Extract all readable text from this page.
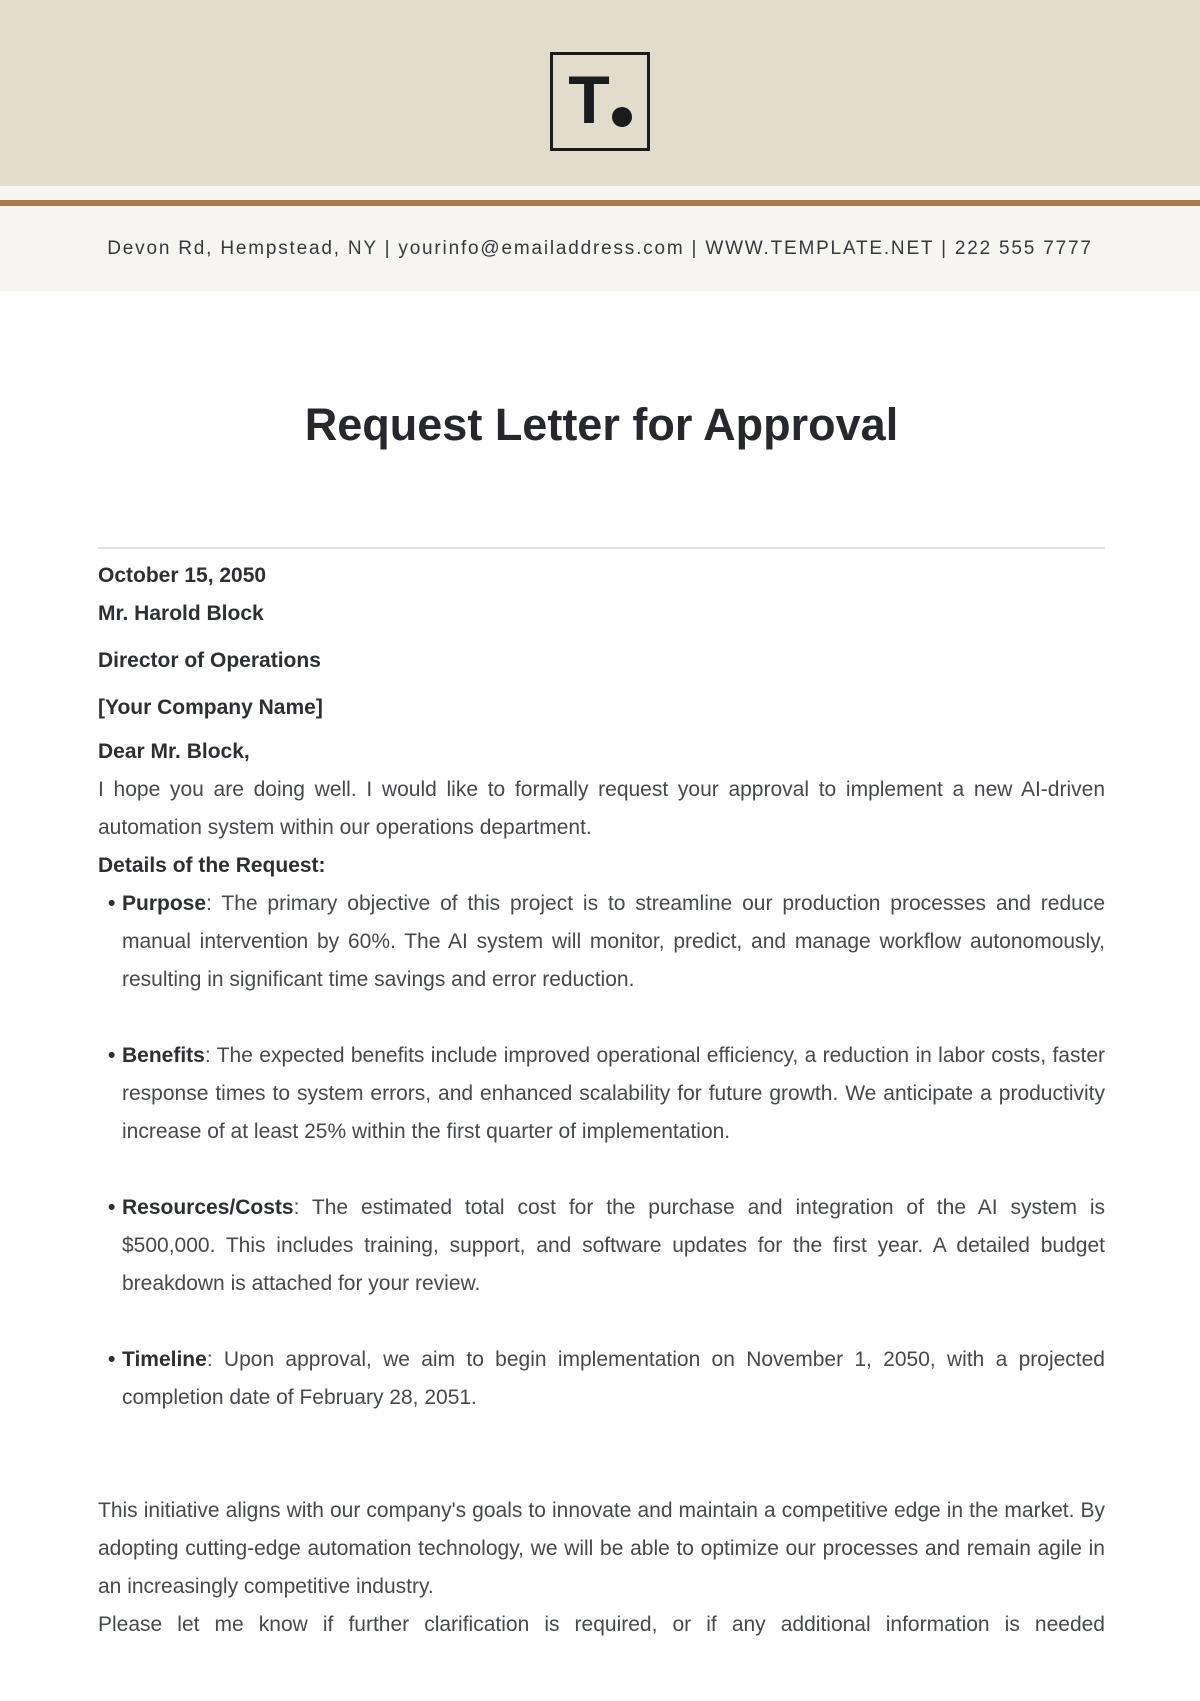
T
Devon Rd, Hempstead, NY | yourinfo@emailaddress.com | WWW.TEMPLATE.NET | 222 555 7777
Request Letter for Approval

October 15, 2050

Mr. Harold Block

Director of Operations

[Your Company Name]

Dear Mr. Block,

I hope you are doing well. I would like to formally request your approval to implement a new AI-driven automation system within our operations department.

Details of the Request:

• Purpose: The primary objective of this project is to streamline our production processes and reduce manual intervention by 60%. The AI system will monitor, predict, and manage workflow autonomously, resulting in significant time savings and error reduction.
• Benefits: The expected benefits include improved operational efficiency, a reduction in labor costs, faster response times to system errors, and enhanced scalability for future growth. We anticipate a productivity increase of at least 25% within the first quarter of implementation.
• Resources/Costs: The estimated total cost for the purchase and integration of the AI system is $500,000. This includes training, support, and software updates for the first year. A detailed budget breakdown is attached for your review.
• Timeline: Upon approval, we aim to begin implementation on November 1, 2050, with a projected completion date of February 28, 2051.

This initiative aligns with our company's goals to innovate and maintain a competitive edge in the market. By adopting cutting-edge automation technology, we will be able to optimize our processes and remain agile in an increasingly competitive industry.

Please let me know if further clarification is required, or if any additional information is needed
